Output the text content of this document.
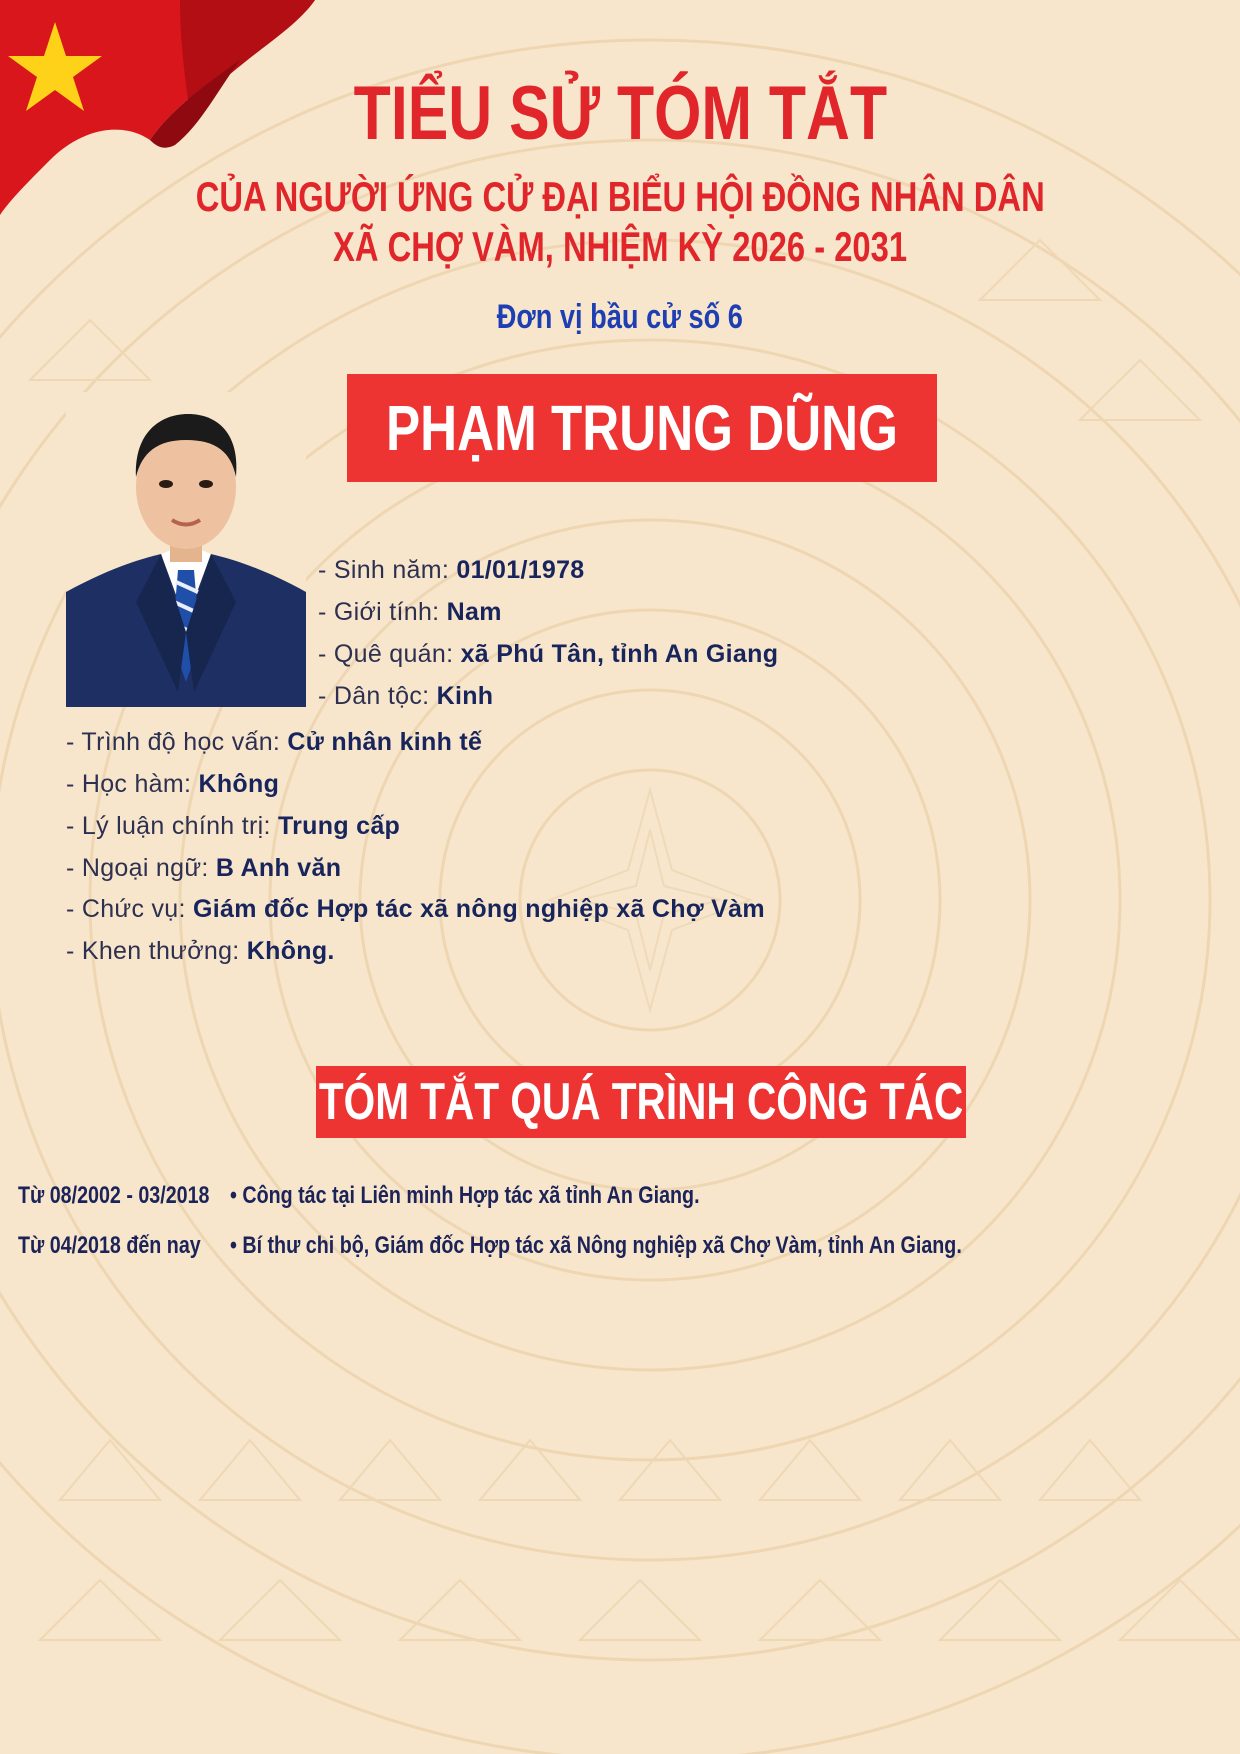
TIỂU SỬ TÓM TẮT
CỦA NGƯỜI ỨNG CỬ ĐẠI BIỂU HỘI ĐỒNG NHÂN DÂN
XÃ CHỢ VÀM, NHIỆM KỲ 2026 - 2031
Đơn vị bầu cử số 6
PHẠM TRUNG DŨNG
- Sinh năm: 01/01/1978
- Giới tính: Nam
- Quê quán: xã Phú Tân, tỉnh An Giang
- Dân tộc: Kinh
- Trình độ học vấn: Cử nhân kinh tế
- Học hàm: Không
- Lý luận chính trị: Trung cấp
- Ngoại ngữ: B Anh văn
- Chức vụ: Giám đốc Hợp tác xã nông nghiệp xã Chợ Vàm
- Khen thưởng: Không.
TÓM TẮT QUÁ TRÌNH CÔNG TÁC
Từ 08/2002 - 03/2018 • Công tác tại Liên minh Hợp tác xã tỉnh An Giang.
Từ 04/2018 đến nay	• Bí thư chi bộ, Giám đốc Hợp tác xã Nông nghiệp xã Chợ Vàm, tỉnh An Giang.
